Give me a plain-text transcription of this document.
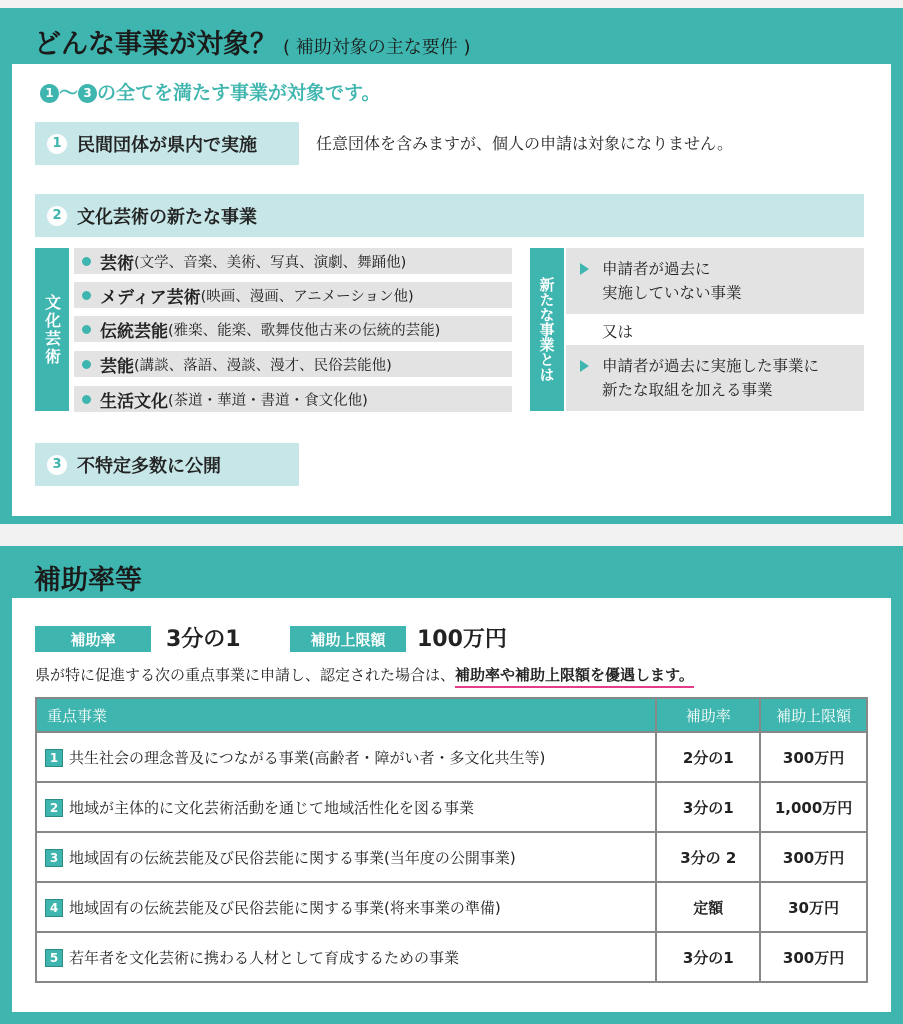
どんな事業が対象？ ( 補助対象の主な要件 )
1 〜 3 の全てを満たす事業が対象です。
1 民間団体が県内で実施	任意団体を含みますが、個人の申請は対象になりません。
2 文化芸術の新たな事業
文化芸術
芸術 (文学、音楽、美術、写真、演劇、舞踊他)
メディア芸術 (映画、漫画、アニメーション他)
伝統芸能 (雅楽、能楽、歌舞伎他古来の伝統的芸能)
芸能 (講談、落語、漫談、漫才、民俗芸能他)
生活文化 (茶道・華道・書道・食文化他)
新たな事業とは
申請者が過去に
実施していない事業
又は
申請者が過去に実施した事業に
新たな取組を加える事業
3 不特定多数に公開
補助率等
補助率	3分の1	補助上限額	100万円
県が特に促進する次の重点事業に申請し、認定された場合は、補助率や補助上限額を優遇します。
重点事業	補助率	補助上限額
1 共生社会の理念普及につながる事業(高齢者・障がい者・多文化共生等)	2分の1	300万円
2 地域が主体的に文化芸術活動を通じて地域活性化を図る事業	3分の1	1,000万円
3 地域固有の伝統芸能及び民俗芸能に関する事業(当年度の公開事業)	3分の 2	300万円
4 地域固有の伝統芸能及び民俗芸能に関する事業(将来事業の準備)	定額	30万円
5 若年者を文化芸術に携わる人材として育成するための事業	3分の1	300万円
